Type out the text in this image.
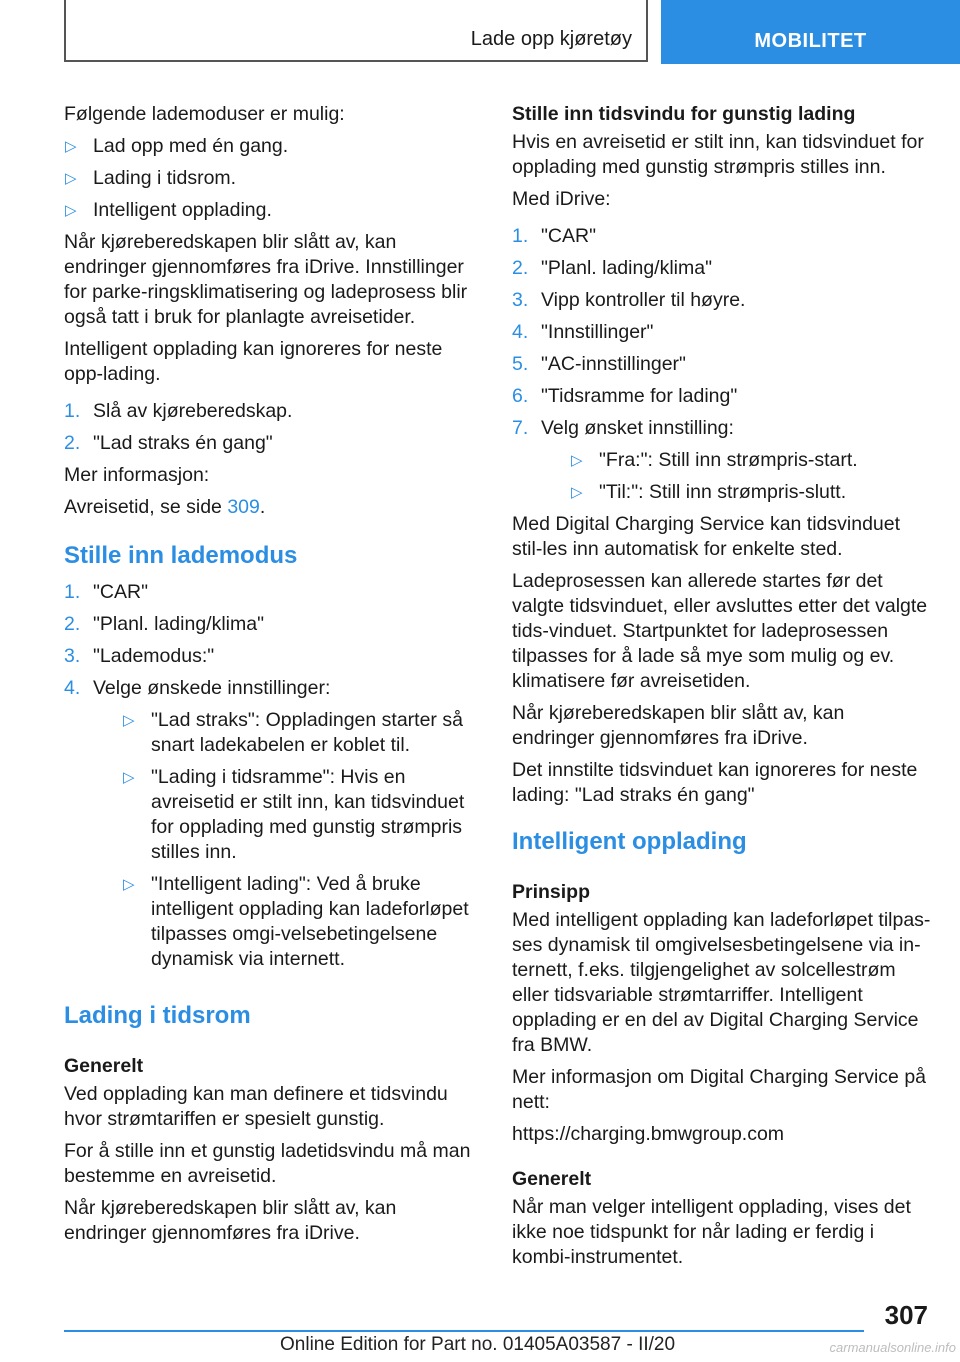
Lade opp kjøretøy	MOBILITET

Følgende lademoduser er mulig:

▷ Lad opp med én gang.
▷ Lading i tidsrom.
▷ Intelligent opplading.

Når kjøreberedskapen blir slått av, kan endringer gjennomføres fra iDrive. Innstillinger for parke-ringsklimatisering og ladeprosess blir også tatt i bruk for planlagte avreisetider.

Intelligent opplading kan ignoreres for neste opp-lading.

1. Slå av kjøreberedskap.
2. "Lad straks én gang"

Mer informasjon:

Avreisetid, se side 309.

Stille inn lademodus
1. "CAR"
2. "Planl. lading/klima"
3. "Lademodus:"
4. Velge ønskede innstillinger:
▷ "Lad straks": Oppladingen starter så snart ladekabelen er koblet til.
▷ "Lading i tidsramme": Hvis en avreisetid er stilt inn, kan tidsvinduet for opplading med gunstig strømpris stilles inn.
▷ "Intelligent lading": Ved å bruke intelligent opplading kan ladeforløpet tilpasses omgi-velsebetingelsene dynamisk via internett.
Lading i tidsrom
Generelt

Ved opplading kan man definere et tidsvindu hvor strømtariffen er spesielt gunstig.

For å stille inn et gunstig ladetidsvindu må man bestemme en avreisetid.

Når kjøreberedskapen blir slått av, kan endringer gjennomføres fra iDrive.

Stille inn tidsvindu for gunstig lading

Hvis en avreisetid er stilt inn, kan tidsvinduet for opplading med gunstig strømpris stilles inn.

Med iDrive:

1. "CAR"
2. "Planl. lading/klima"
3. Vipp kontroller til høyre.
4. "Innstillinger"
5. "AC-innstillinger"
6. "Tidsramme for lading"
7. Velg ønsket innstilling:
▷ "Fra:": Still inn strømpris-start.
▷ "Til:": Still inn strømpris-slutt.

Med Digital Charging Service kan tidsvinduet stil-les inn automatisk for enkelte sted.

Ladeprosessen kan allerede startes før det valgte tidsvinduet, eller avsluttes etter det valgte tids-vinduet. Startpunktet for ladeprosessen tilpasses for å lade så mye som mulig og ev. klimatisere før avreisetiden.

Når kjøreberedskapen blir slått av, kan endringer gjennomføres fra iDrive.

Det innstilte tidsvinduet kan ignoreres for neste lading: "Lad straks én gang"

Intelligent opplading
Prinsipp

Med intelligent opplading kan ladeforløpet tilpas-ses dynamisk til omgivelsesbetingelsene via in-ternett, f.eks. tilgjengelighet av solcellestrøm eller tidsvariable strømtarriffer. Intelligent opplading er en del av Digital Charging Service fra BMW.

Mer informasjon om Digital Charging Service på nett:

https://charging.bmwgroup.com

Generelt

Når man velger intelligent opplading, vises det ikke noe tidspunkt for når lading er ferdig i kombi-instrumentet.

307
Online Edition for Part no. 01405A03587 - II/20	carmanualsonline.info
